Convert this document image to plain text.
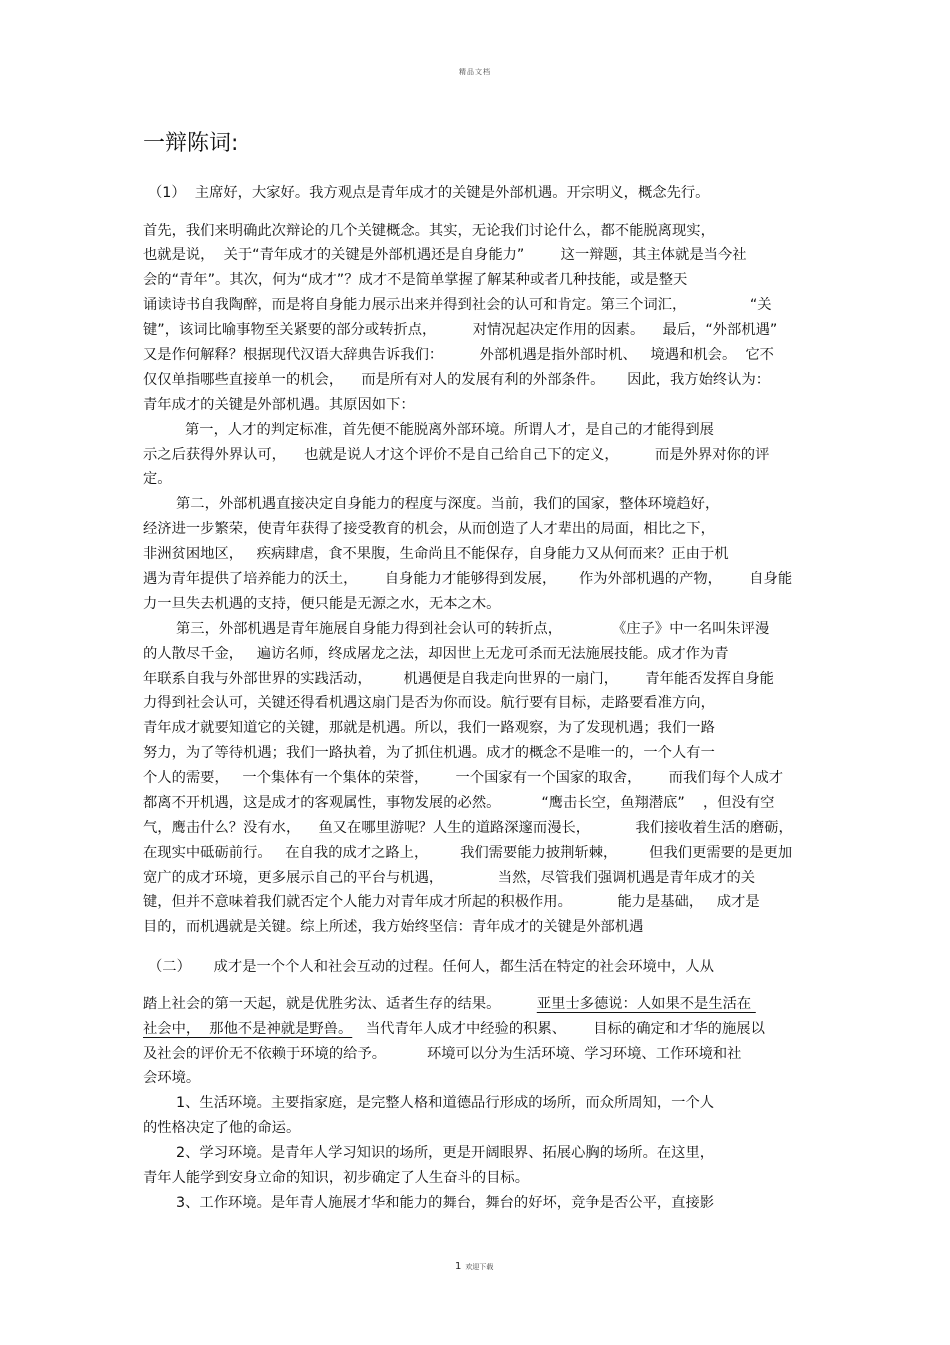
精品文档
一辩陈词:
（1）  主席好，大家好。我方观点是青年成才的关键是外部机遇。开宗明义，概念先行。
首先，我们来明确此次辩论的几个关键概念。其实，无论我们讨论什么，都不能脱离现实，
也就是说，  关于“青年成才的关键是外部机遇还是自身能力”        这一辩题，其主体就是当今社
会的“青年”。其次，何为“成才”？成才不是简单掌握了解某种或者几种技能，或是整天
诵读诗书自我陶醉，而是将自身能力展示出来并得到社会的认可和肯定。第三个词汇，              “关
键”，该词比喻事物至关紧要的部分或转折点，        对情况起决定作用的因素。    最后，“外部机遇”
又是作何解释？根据现代汉语大辞典告诉我们：        外部机遇是指外部时机、   境遇和机会。  它不
仅仅单指哪些直接单一的机会，    而是所有对人的发展有利的外部条件。     因此，我方始终认为：
青年成才的关键是外部机遇。其原因如下：
第一，人才的判定标准，首先便不能脱离外部环境。所谓人才，是自己的才能得到展
示之后获得外界认可，    也就是说人才这个评价不是自己给自己下的定义，        而是外界对你的评
定。
第二，外部机遇直接决定自身能力的程度与深度。当前，我们的国家，整体环境趋好，
经济进一步繁荣，使青年获得了接受教育的机会，从而创造了人才辈出的局面，相比之下，
非洲贫困地区，   疾病肆虐，食不果腹，生命尚且不能保存，自身能力又从何而来？正由于机
遇为青年提供了培养能力的沃土，      自身能力才能够得到发展，     作为外部机遇的产物，      自身能
力一旦失去机遇的支持，便只能是无源之水，无本之木。
第三，外部机遇是青年施展自身能力得到社会认可的转折点，           《庄子》中一名叫朱评漫
的人散尽千金，   遍访名师，终成屠龙之法，却因世上无龙可杀而无法施展技能。成才作为青
年联系自我与外部世界的实践活动，       机遇便是自我走向世界的一扇门，      青年能否发挥自身能
力得到社会认可，关键还得看机遇这扇门是否为你而设。航行要有目标，走路要看准方向，
青年成才就要知道它的关键，那就是机遇。所以，我们一路观察，为了发现机遇；我们一路
努力，为了等待机遇；我们一路执着，为了抓住机遇。成才的概念不是唯一的，一个人有一
个人的需要，   一个集体有一个集体的荣誉，      一个国家有一个国家的取舍，      而我们每个人成才
都离不开机遇，这是成才的客观属性，事物发展的必然。         “鹰击长空，鱼翔潜底”    ，但没有空
气，鹰击什么？没有水，    鱼又在哪里游呢？人生的道路深邃而漫长，          我们接收着生活的磨砺，
在现实中砥砺前行。   在自我的成才之路上，       我们需要能力披荆斩棘，       但我们更需要的是更加
宽广的成才环境，更多展示自己的平台与机遇，            当然，尽管我们强调机遇是青年成才的关
键，但并不意味着我们就否定个人能力对青年成才所起的积极作用。          能力是基础，   成才是
目的，而机遇就是关键。综上所述，我方始终坚信：青年成才的关键是外部机遇
（二）     成才是一个个人和社会互动的过程。任何人，都生活在特定的社会环境中，人从
踏上社会的第一天起，就是优胜劣汰、适者生存的结果。        亚里士多德说：人如果不是生活在
社会中，  那他不是神就是野兽。   当代青年人成才中经验的积累、      目标的确定和才华的施展以
及社会的评价无不依赖于环境的给予。         环境可以分为生活环境、学习环境、工作环境和社
会环境。
1、生活环境。主要指家庭，是完整人格和道德品行形成的场所，而众所周知，一个人
的性格决定了他的命运。
2、学习环境。是青年人学习知识的场所，更是开阔眼界、拓展心胸的场所。在这里，
青年人能学到安身立命的知识，初步确定了人生奋斗的目标。
3、工作环境。是年青人施展才华和能力的舞台，舞台的好坏，竞争是否公平，直接影
1 欢迎下载
